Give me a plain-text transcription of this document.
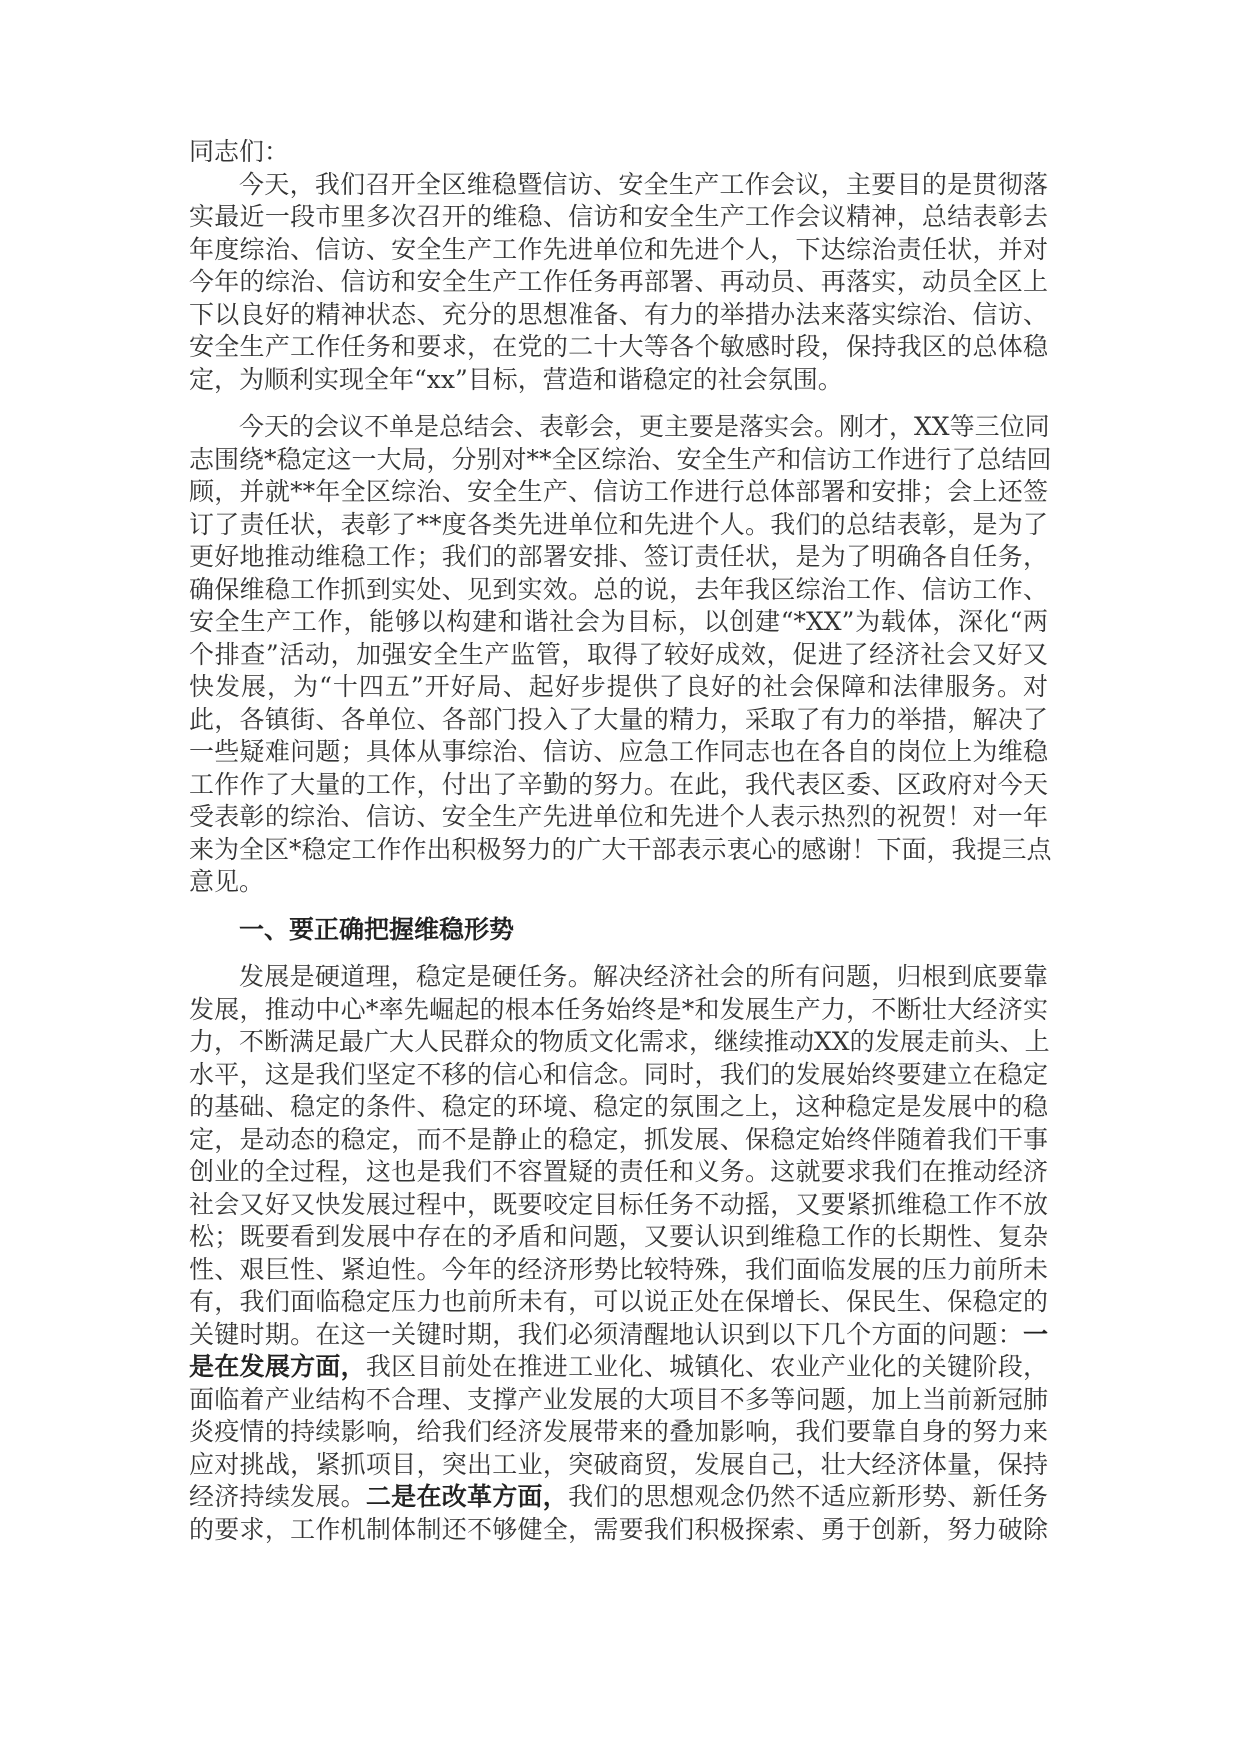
同志们：
今天，我们召开全区维稳暨信访、安全生产工作会议，主要目的是贯彻落
实最近一段市里多次召开的维稳、信访和安全生产工作会议精神，总结表彰去
年度综治、信访、安全生产工作先进单位和先进个人，下达综治责任状，并对
今年的综治、信访和安全生产工作任务再部署、再动员、再落实，动员全区上
下以良好的精神状态、充分的思想准备、有力的举措办法来落实综治、信访、
安全生产工作任务和要求，在党的二十大等各个敏感时段，保持我区的总体稳
定，为顺利实现全年“xx”目标，营造和谐稳定的社会氛围。
今天的会议不单是总结会、表彰会，更主要是落实会。刚才，XX等三位同
志围绕*稳定这一大局，分别对**全区综治、安全生产和信访工作进行了总结回
顾，并就**年全区综治、安全生产、信访工作进行总体部署和安排；会上还签
订了责任状，表彰了**度各类先进单位和先进个人。我们的总结表彰，是为了
更好地推动维稳工作；我们的部署安排、签订责任状，是为了明确各自任务，
确保维稳工作抓到实处、见到实效。总的说，去年我区综治工作、信访工作、
安全生产工作，能够以构建和谐社会为目标，以创建“*XX”为载体，深化“两
个排查”活动，加强安全生产监管，取得了较好成效，促进了经济社会又好又
快发展，为“十四五”开好局、起好步提供了良好的社会保障和法律服务。对
此，各镇街、各单位、各部门投入了大量的精力，采取了有力的举措，解决了
一些疑难问题；具体从事综治、信访、应急工作同志也在各自的岗位上为维稳
工作作了大量的工作，付出了辛勤的努力。在此，我代表区委、区政府对今天
受表彰的综治、信访、安全生产先进单位和先进个人表示热烈的祝贺！对一年
来为全区*稳定工作作出积极努力的广大干部表示衷心的感谢！下面，我提三点
意见。
一、要正确把握维稳形势
发展是硬道理，稳定是硬任务。解决经济社会的所有问题，归根到底要靠
发展，推动中心*率先崛起的根本任务始终是*和发展生产力，不断壮大经济实
力，不断满足最广大人民群众的物质文化需求，继续推动XX的发展走前头、上
水平，这是我们坚定不移的信心和信念。同时，我们的发展始终要建立在稳定
的基础、稳定的条件、稳定的环境、稳定的氛围之上，这种稳定是发展中的稳
定，是动态的稳定，而不是静止的稳定，抓发展、保稳定始终伴随着我们干事
创业的全过程，这也是我们不容置疑的责任和义务。这就要求我们在推动经济
社会又好又快发展过程中，既要咬定目标任务不动摇，又要紧抓维稳工作不放
松；既要看到发展中存在的矛盾和问题，又要认识到维稳工作的长期性、复杂
性、艰巨性、紧迫性。今年的经济形势比较特殊，我们面临发展的压力前所未
有，我们面临稳定压力也前所未有，可以说正处在保增长、保民生、保稳定的
关键时期。在这一关键时期，我们必须清醒地认识到以下几个方面的问题：一
是在发展方面，我区目前处在推进工业化、城镇化、农业产业化的关键阶段，
面临着产业结构不合理、支撑产业发展的大项目不多等问题，加上当前新冠肺
炎疫情的持续影响，给我们经济发展带来的叠加影响，我们要靠自身的努力来
应对挑战，紧抓项目，突出工业，突破商贸，发展自己，壮大经济体量，保持
经济持续发展。二是在改革方面，我们的思想观念仍然不适应新形势、新任务
的要求，工作机制体制还不够健全，需要我们积极探索、勇于创新，努力破除
